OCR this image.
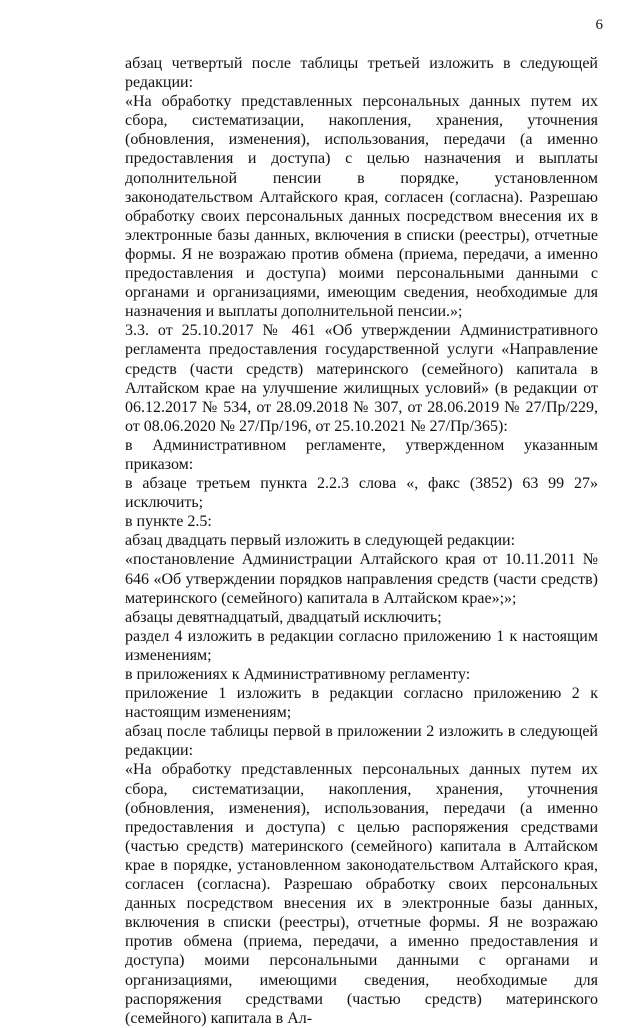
6

абзац четвертый после таблицы третьей изложить в следующей редакции:

«На обработку представленных персональных данных путем их сбора, систематизации, накопления, хранения, уточнения (обновления, изменения), использования, передачи (а именно предоставления и доступа) с целью назначения и выплаты дополнительной пенсии в порядке, установленном законодательством Алтайского края, согласен (согласна). Разрешаю обработку своих персональных данных посредством внесения их в электронные базы данных, включения в списки (реестры), отчетные формы. Я не возражаю против обмена (приема, передачи, а именно предоставления и доступа) моими персональными данными с органами и организациями, имеющим сведения, необходимые для назначения и выплаты дополнительной пенсии.»;

3.3. от 25.10.2017 № 461 «Об утверждении Административного регламента предоставления государственной услуги «Направление средств (части средств) материнского (семейного) капитала в Алтайском крае на улучшение жилищных условий» (в редакции от 06.12.2017 № 534, от 28.09.2018 № 307, от 28.06.2019 № 27/Пр/229, от 08.06.2020 № 27/Пр/196, от 25.10.2021 № 27/Пр/365):

в Административном регламенте, утвержденном указанным приказом:

в абзаце третьем пункта 2.2.3 слова «, факс (3852) 63 99 27» исключить;

в пункте 2.5:

абзац двадцать первый изложить в следующей редакции:

«постановление Администрации Алтайского края от 10.11.2011 № 646 «Об утверждении порядков направления средств (части средств) материнского (семейного) капитала в Алтайском крае»;»;

абзацы девятнадцатый, двадцатый исключить;

раздел 4 изложить в редакции согласно приложению 1 к настоящим изменениям;

в приложениях к Административному регламенту:

приложение 1 изложить в редакции согласно приложению 2 к настоящим изменениям;

абзац после таблицы первой в приложении 2 изложить в следующей редакции:

«На обработку представленных персональных данных путем их сбора, систематизации, накопления, хранения, уточнения (обновления, изменения), использования, передачи (а именно предоставления и доступа) с целью распоряжения средствами (частью средств) материнского (семейного) капитала в Алтайском крае в порядке, установленном законодательством Алтайского края, согласен (согласна). Разрешаю обработку своих персональных данных посредством внесения их в электронные базы данных, включения в списки (реестры), отчетные формы. Я не возражаю против обмена (приема, передачи, а именно предоставления и доступа) моими персональными данными с органами и организациями, имеющими сведения, необходимые для распоряжения средствами (частью средств) материнского (семейного) капитала в Ал-
